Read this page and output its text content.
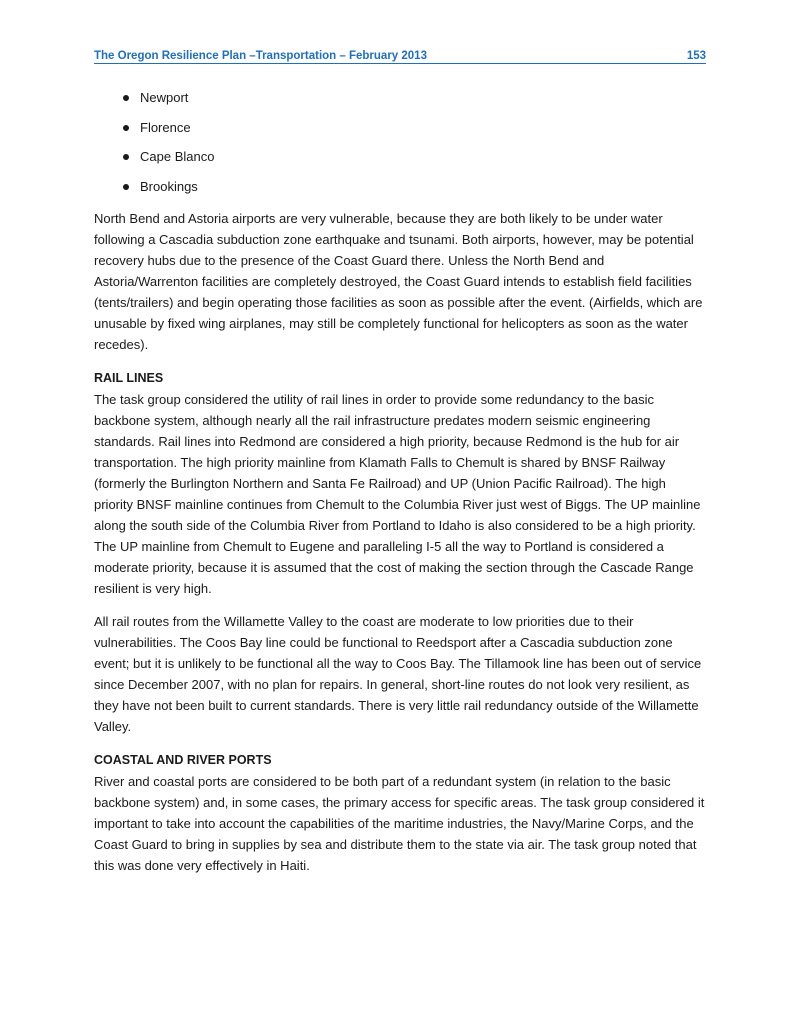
The Oregon Resilience Plan –Transportation – February 2013	153
Newport
Florence
Cape Blanco
Brookings

North Bend and Astoria airports are very vulnerable, because they are both likely to be under water following a Cascadia subduction zone earthquake and tsunami. Both airports, however, may be potential recovery hubs due to the presence of the Coast Guard there. Unless the North Bend and Astoria/Warrenton facilities are completely destroyed, the Coast Guard intends to establish field facilities (tents/trailers) and begin operating those facilities as soon as possible after the event. (Airfields, which are unusable by fixed wing airplanes, may still be completely functional for helicopters as soon as the water recedes).

RAIL LINES

The task group considered the utility of rail lines in order to provide some redundancy to the basic backbone system, although nearly all the rail infrastructure predates modern seismic engineering standards. Rail lines into Redmond are considered a high priority, because Redmond is the hub for air transportation. The high priority mainline from Klamath Falls to Chemult is shared by BNSF Railway (formerly the Burlington Northern and Santa Fe Railroad) and UP (Union Pacific Railroad). The high priority BNSF mainline continues from Chemult to the Columbia River just west of Biggs. The UP mainline along the south side of the Columbia River from Portland to Idaho is also considered to be a high priority. The UP mainline from Chemult to Eugene and paralleling I-5 all the way to Portland is considered a moderate priority, because it is assumed that the cost of making the section through the Cascade Range resilient is very high.

All rail routes from the Willamette Valley to the coast are moderate to low priorities due to their vulnerabilities. The Coos Bay line could be functional to Reedsport after a Cascadia subduction zone event; but it is unlikely to be functional all the way to Coos Bay. The Tillamook line has been out of service since December 2007, with no plan for repairs. In general, short-line routes do not look very resilient, as they have not been built to current standards. There is very little rail redundancy outside of the Willamette Valley.

COASTAL AND RIVER PORTS

River and coastal ports are considered to be both part of a redundant system (in relation to the basic backbone system) and, in some cases, the primary access for specific areas. The task group considered it important to take into account the capabilities of the maritime industries, the Navy/Marine Corps, and the Coast Guard to bring in supplies by sea and distribute them to the state via air. The task group noted that this was done very effectively in Haiti.
